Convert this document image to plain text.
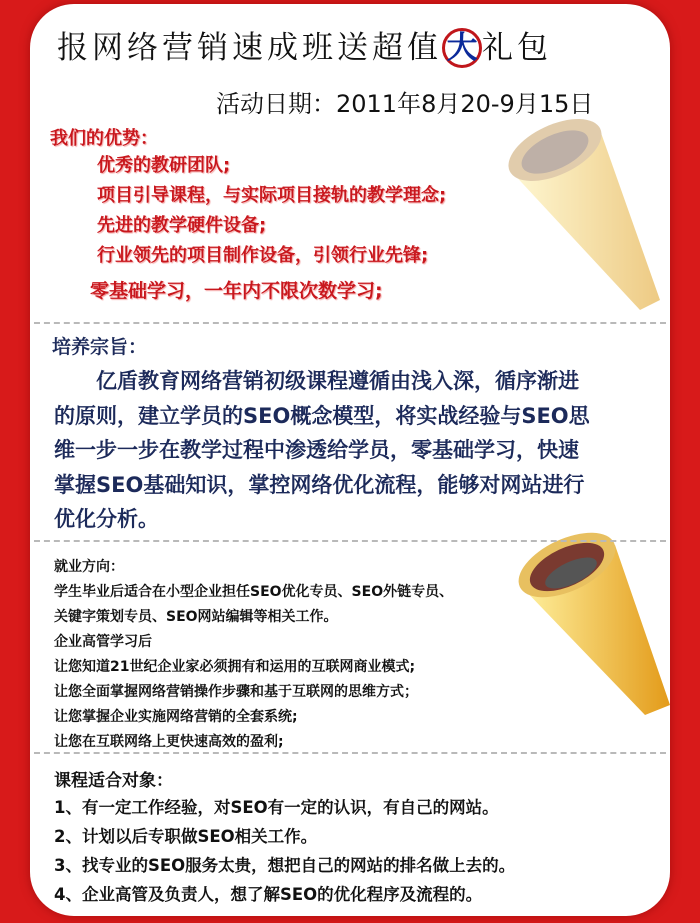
报网络营销速成班送超值 大 礼包
活动日期：2011年8月20-9月15日
我们的优势：
优秀的教研团队;
项目引导课程，与实际项目接轨的教学理念;
先进的教学硬件设备;
行业领先的项目制作设备，引领行业先锋;
零基础学习，一年内不限次数学习;
培养宗旨：
　　亿盾教育网络营销初级课程遵循由浅入深，循序渐进
的原则，建立学员的SEO概念模型，将实战经验与SEO思
维一步一步在教学过程中渗透给学员，零基础学习，快速
掌握SEO基础知识，掌控网络优化流程，能够对网站进行
优化分析。
就业方向：
学生毕业后适合在小型企业担任SEO优化专员、SEO外链专员、
关键字策划专员、SEO网站编辑等相关工作。
企业高管学习后
让您知道21世纪企业家必须拥有和运用的互联网商业模式;
让您全面掌握网络营销操作步骤和基于互联网的思维方式；
让您掌握企业实施网络营销的全套系统;
让您在互联网络上更快速高效的盈利;
课程适合对象：
1、有一定工作经验，对SEO有一定的认识，有自己的网站。
2、计划以后专职做SEO相关工作。
3、找专业的SEO服务太贵，想把自己的网站的排名做上去的。
4、企业高管及负责人，想了解SEO的优化程序及流程的。
